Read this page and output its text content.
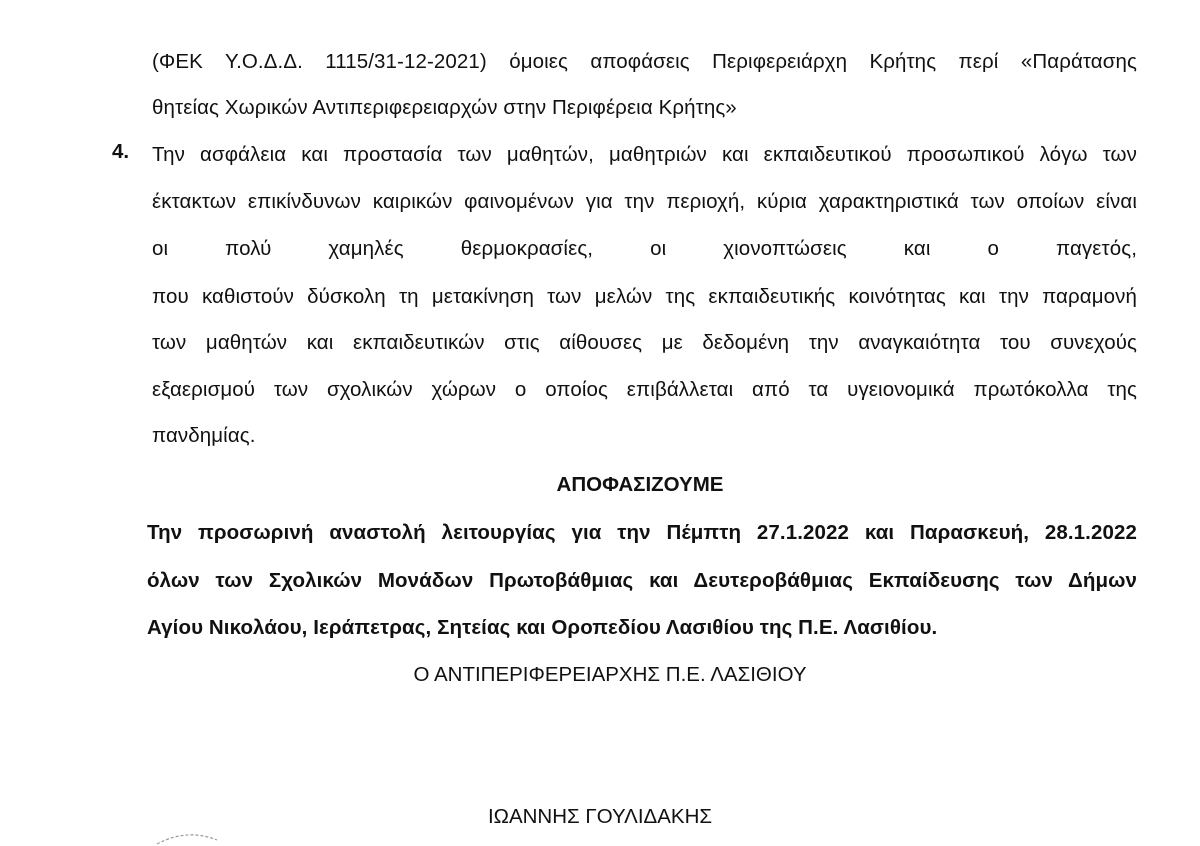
(ΦΕΚ Υ.Ο.Δ.Δ. 1115/31-12-2021) όμοιες αποφάσεις Περιφερειάρχη Κρήτης περί «Παράτασης
θητείας Χωρικών Αντιπεριφερειαρχών στην Περιφέρεια Κρήτης»
4. Την ασφάλεια και προστασία των μαθητών, μαθητριών και εκπαιδευτικού προσωπικού λόγω των
έκτακτων επικίνδυνων καιρικών φαινομένων για την περιοχή, κύρια χαρακτηριστικά των οποίων είναι
οι πολύ χαμηλές θερμοκρασίες, οι χιονοπτώσεις και ο παγετός,
που καθιστούν δύσκολη τη μετακίνηση των μελών της εκπαιδευτικής κοινότητας και την παραμονή
των μαθητών και εκπαιδευτικών στις αίθουσες με δεδομένη την αναγκαιότητα του συνεχούς
εξαερισμού των σχολικών χώρων ο οποίος επιβάλλεται από τα υγειονομικά πρωτόκολλα της
πανδημίας.
ΑΠΟΦΑΣΙΖΟΥΜΕ
Την προσωρινή αναστολή λειτουργίας για την Πέμπτη 27.1.2022 και Παρασκευή, 28.1.2022
όλων των Σχολικών Μονάδων Πρωτοβάθμιας και Δευτεροβάθμιας Εκπαίδευσης των Δήμων
Αγίου Νικολάου, Ιεράπετρας, Σητείας και Οροπεδίου Λασιθίου της Π.Ε. Λασιθίου.
Ο ΑΝΤΙΠΕΡΙΦΕΡΕΙΑΡΧΗΣ Π.Ε. ΛΑΣΙΘΙΟΥ
ΙΩΑΝΝΗΣ ΓΟΥΛΙΔΑΚΗΣ
